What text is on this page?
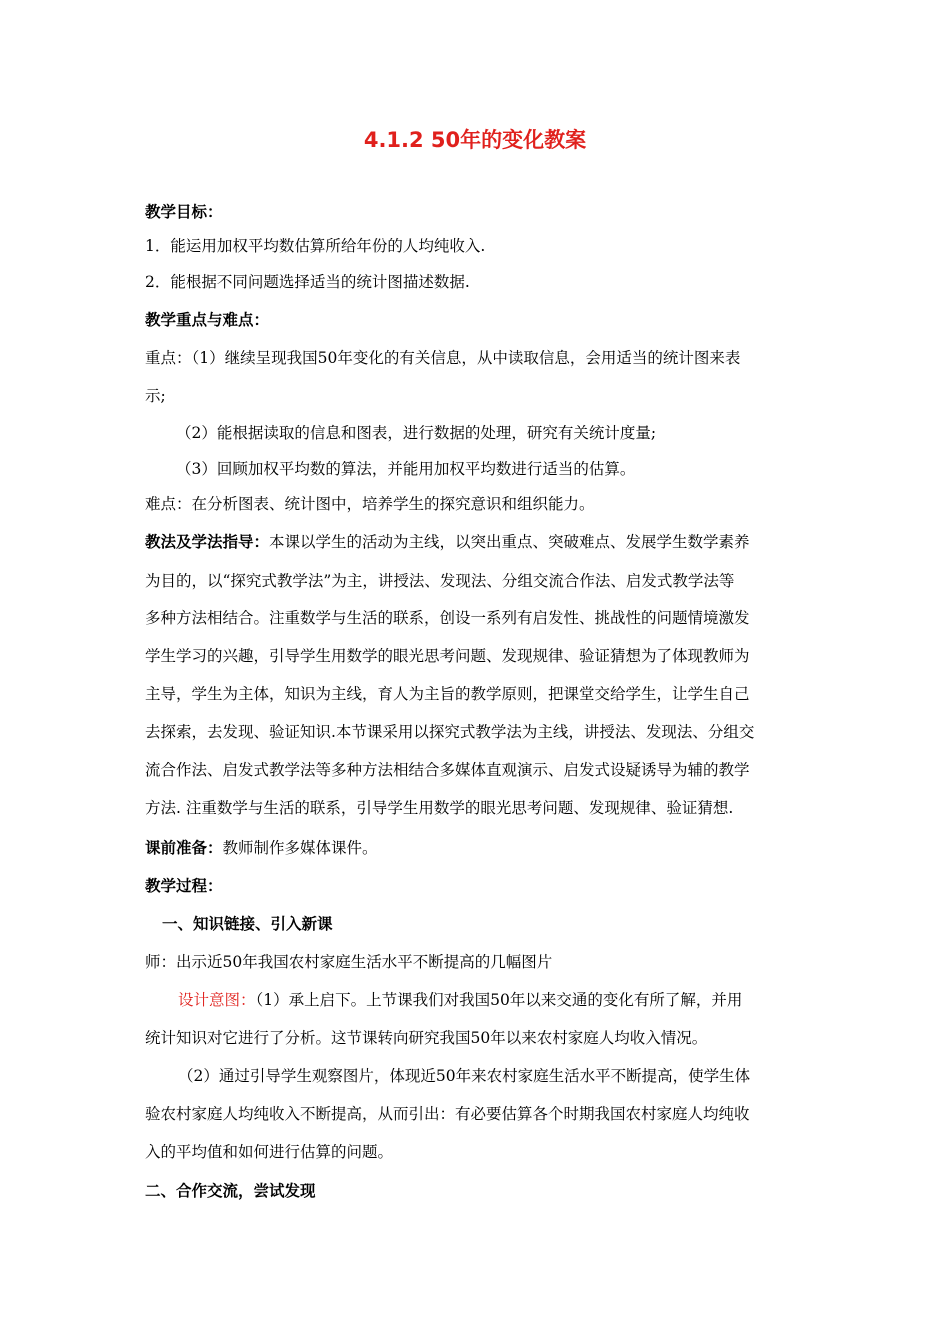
4.1.2 50年的变化教案
教学目标：
1．能运用加权平均数估算所给年份的人均纯收入.
2．能根据不同问题选择适当的统计图描述数据.
教学重点与难点：
重点：（1）继续呈现我国50年变化的有关信息，从中读取信息，会用适当的统计图来表
示;
（2）能根据读取的信息和图表，进行数据的处理，研究有关统计度量;
（3）回顾加权平均数的算法，并能用加权平均数进行适当的估算。
难点：在分析图表、统计图中，培养学生的探究意识和组织能力。
教法及学法指导：本课以学生的活动为主线，以突出重点、突破难点、发展学生数学素养
为目的，以“探究式教学法”为主，讲授法、发现法、分组交流合作法、启发式教学法等
多种方法相结合。注重数学与生活的联系，创设一系列有启发性、挑战性的问题情境激发
学生学习的兴趣，引导学生用数学的眼光思考问题、发现规律、验证猜想为了体现教师为
主导，学生为主体，知识为主线，育人为主旨的教学原则，把课堂交给学生，让学生自己
去探索，去发现、验证知识.本节课采用以探究式教学法为主线，讲授法、发现法、分组交
流合作法、启发式教学法等多种方法相结合多媒体直观演示、启发式设疑诱导为辅的教学
方法. 注重数学与生活的联系，引导学生用数学的眼光思考问题、发现规律、验证猜想.
课前准备：教师制作多媒体课件。
教学过程：
一、知识链接、引入新课
师：出示近50年我国农村家庭生活水平不断提高的几幅图片
设计意图：（1）承上启下。上节课我们对我国50年以来交通的变化有所了解，并用
统计知识对它进行了分析。这节课转向研究我国50年以来农村家庭人均收入情况。
（2）通过引导学生观察图片，体现近50年来农村家庭生活水平不断提高，使学生体
验农村家庭人均纯收入不断提高，从而引出：有必要估算各个时期我国农村家庭人均纯收
入的平均值和如何进行估算的问题。
二、合作交流，尝试发现
